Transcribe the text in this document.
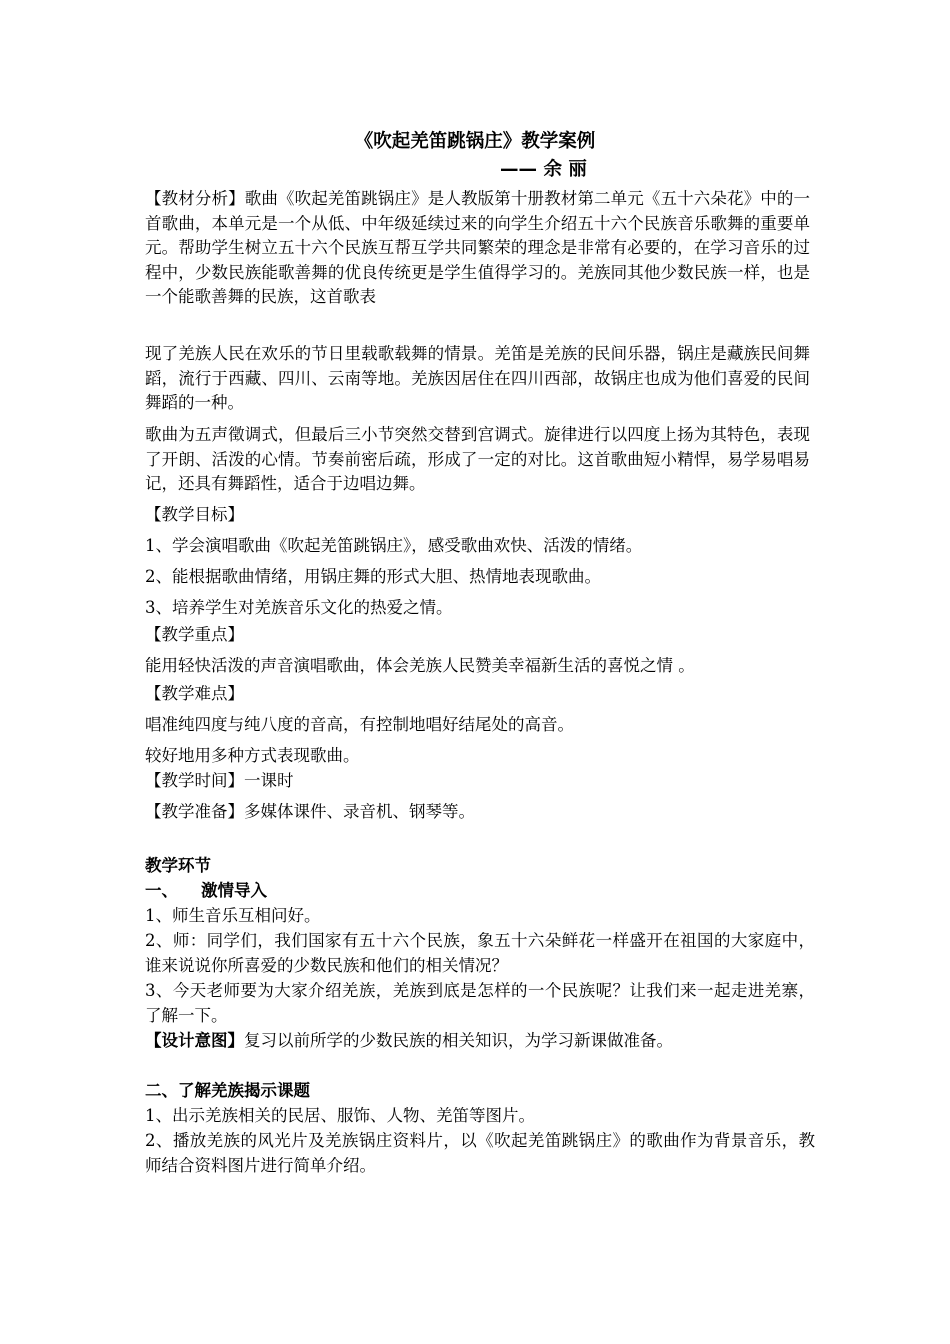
《吹起羌笛跳锅庄》教学案例
—— 余 丽

【教材分析】歌曲《吹起羌笛跳锅庄》是人教版第十册教材第二单元《五十六朵花》中的一首歌曲，本单元是一个从低、中年级延续过来的向学生介绍五十六个民族音乐歌舞的重要单元。帮助学生树立五十六个民族互帮互学共同繁荣的理念是非常有必要的，在学习音乐的过程中，少数民族能歌善舞的优良传统更是学生值得学习的。羌族同其他少数民族一样，也是一个能歌善舞的民族，这首歌表

现了羌族人民在欢乐的节日里载歌载舞的情景。羌笛是羌族的民间乐器，锅庄是藏族民间舞蹈，流行于西藏、四川、云南等地。羌族因居住在四川西部，故锅庄也成为他们喜爱的民间舞蹈的一种。

歌曲为五声徵调式，但最后三小节突然交替到宫调式。旋律进行以四度上扬为其特色，表现了开朗、活泼的心情。节奏前密后疏，形成了一定的对比。这首歌曲短小精悍，易学易唱易记，还具有舞蹈性，适合于边唱边舞。

【教学目标】

1、学会演唱歌曲《吹起羌笛跳锅庄》，感受歌曲欢快、活泼的情绪。

2、能根据歌曲情绪，用锅庄舞的形式大胆、热情地表现歌曲。

3、培养学生对羌族音乐文化的热爱之情。

【教学重点】

能用轻快活泼的声音演唱歌曲，体会羌族人民赞美幸福新生活的喜悦之情 。

【教学难点】

唱准纯四度与纯八度的音高，有控制地唱好结尾处的高音。

较好地用多种方式表现歌曲。

【教学时间】一课时

【教学准备】多媒体课件、录音机、钢琴等。

教学环节

一、    激情导入

1、师生音乐互相问好。

2、师：同学们，我们国家有五十六个民族，象五十六朵鲜花一样盛开在祖国的大家庭中，谁来说说你所喜爱的少数民族和他们的相关情况？

3、今天老师要为大家介绍羌族，羌族到底是怎样的一个民族呢？让我们来一起走进羌寨，了解一下。

【设计意图】复习以前所学的少数民族的相关知识，为学习新课做准备。

二、了解羌族揭示课题

1、出示羌族相关的民居、服饰、人物、羌笛等图片。

2、播放羌族的风光片及羌族锅庄资料片，以《吹起羌笛跳锅庄》的歌曲作为背景音乐，教师结合资料图片进行简单介绍。
